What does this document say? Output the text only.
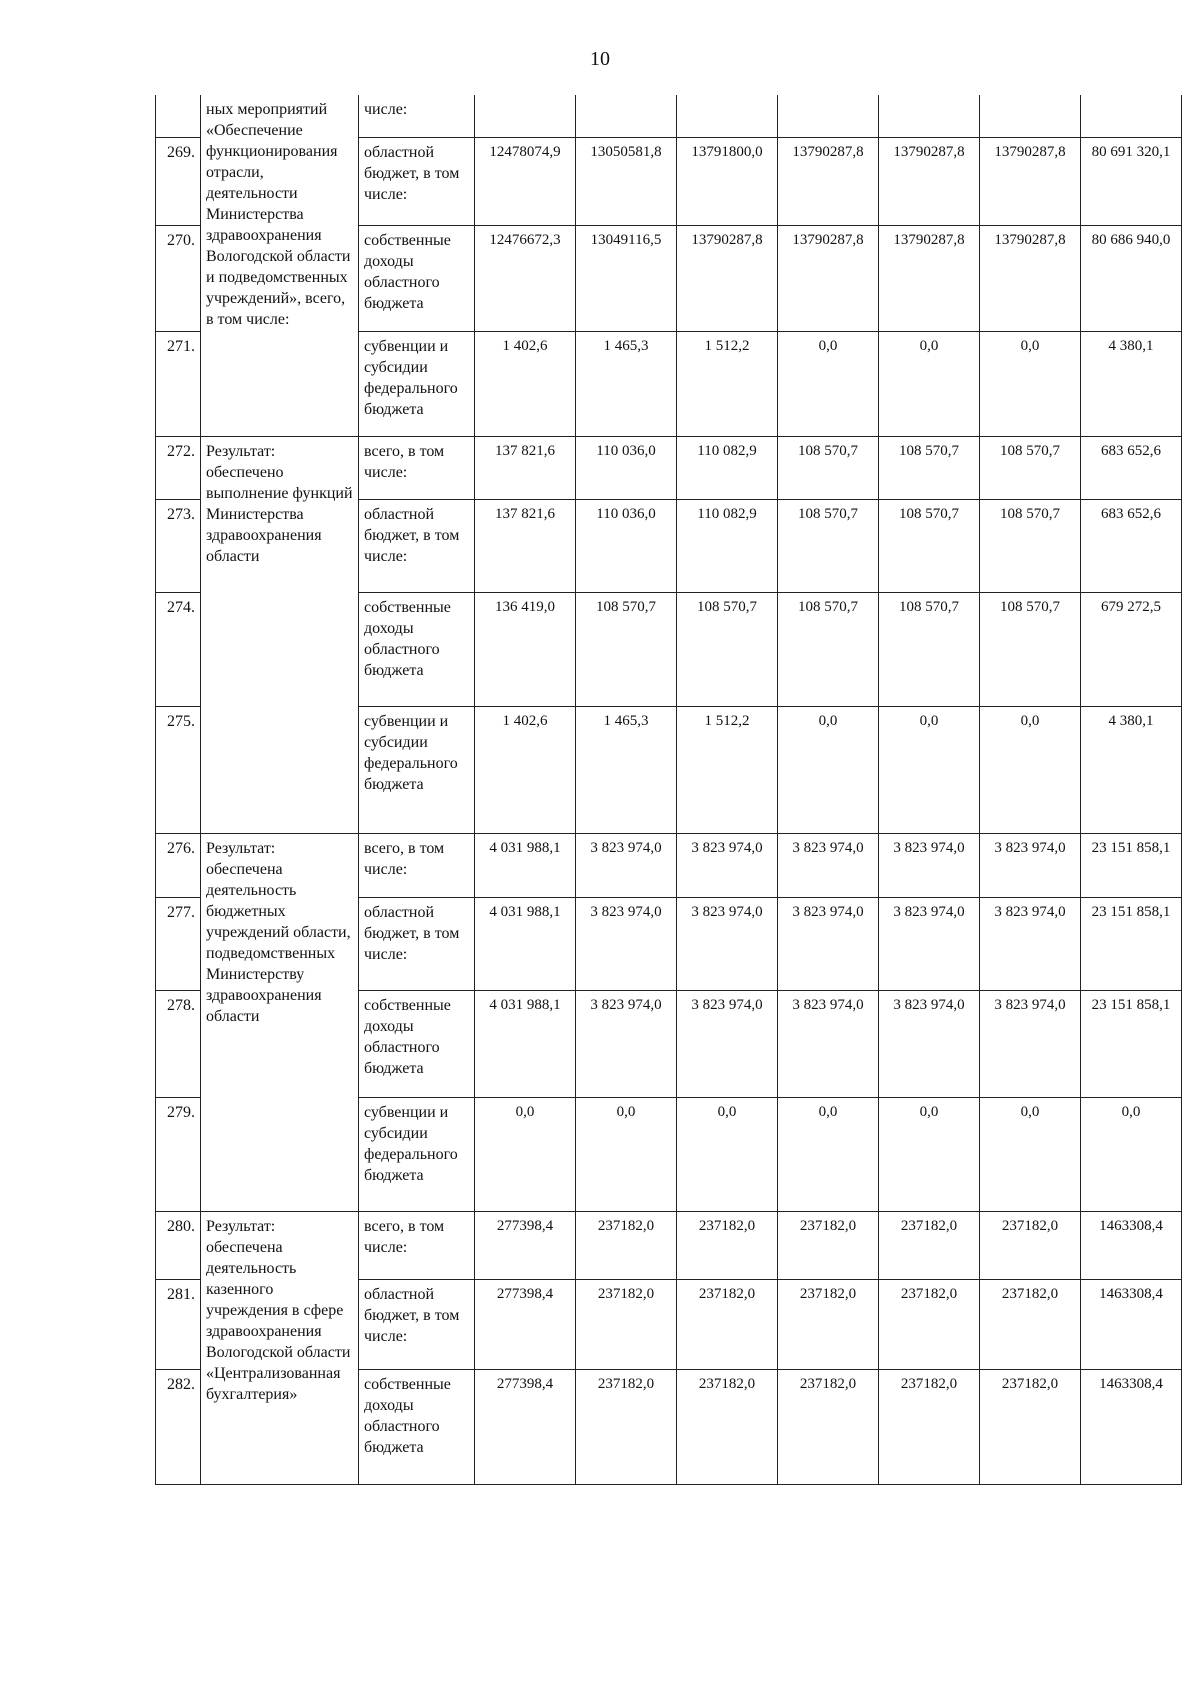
10
	ных мероприятий «Обеспечение функционирования отрасли, деятельности Министерства здравоохранения Вологодской области и подведомственных учреждений», всего, в том числе:	числе:							
269.		областной бюджет, в том числе:	12478074,9	13050581,8	13791800,0	13790287,8	13790287,8	13790287,8	80 691 320,1
270.		собственные доходы областного бюджета	12476672,3	13049116,5	13790287,8	13790287,8	13790287,8	13790287,8	80 686 940,0
271.		субвенции и субсидии федерального бюджета	1 402,6	1 465,3	1 512,2	0,0	0,0	0,0	4 380,1
272.	Результат: обеспечено выполнение функций Министерства здравоохранения области	всего, в том числе:	137 821,6	110 036,0	110 082,9	108 570,7	108 570,7	108 570,7	683 652,6
273.		областной бюджет, в том числе:	137 821,6	110 036,0	110 082,9	108 570,7	108 570,7	108 570,7	683 652,6
274.		собственные доходы областного бюджета	136 419,0	108 570,7	108 570,7	108 570,7	108 570,7	108 570,7	679 272,5
275.		субвенции и субсидии федерального бюджета	1 402,6	1 465,3	1 512,2	0,0	0,0	0,0	4 380,1
276.	Результат: обеспечена деятельность бюджетных учреждений области, подведомственных Министерству здравоохранения области	всего, в том числе:	4 031 988,1	3 823 974,0	3 823 974,0	3 823 974,0	3 823 974,0	3 823 974,0	23 151 858,1
277.		областной бюджет, в том числе:	4 031 988,1	3 823 974,0	3 823 974,0	3 823 974,0	3 823 974,0	3 823 974,0	23 151 858,1
278.		собственные доходы областного бюджета	4 031 988,1	3 823 974,0	3 823 974,0	3 823 974,0	3 823 974,0	3 823 974,0	23 151 858,1
279.		субвенции и субсидии федерального бюджета	0,0	0,0	0,0	0,0	0,0	0,0	0,0
280.	Результат: обеспечена деятельность казенного учреждения в сфере здравоохранения Вологодской области «Централизованная бухгалтерия»	всего, в том числе:	277398,4	237182,0	237182,0	237182,0	237182,0	237182,0	1463308,4
281.		областной бюджет, в том числе:	277398,4	237182,0	237182,0	237182,0	237182,0	237182,0	1463308,4
282.		собственные доходы областного бюджета	277398,4	237182,0	237182,0	237182,0	237182,0	237182,0	1463308,4
